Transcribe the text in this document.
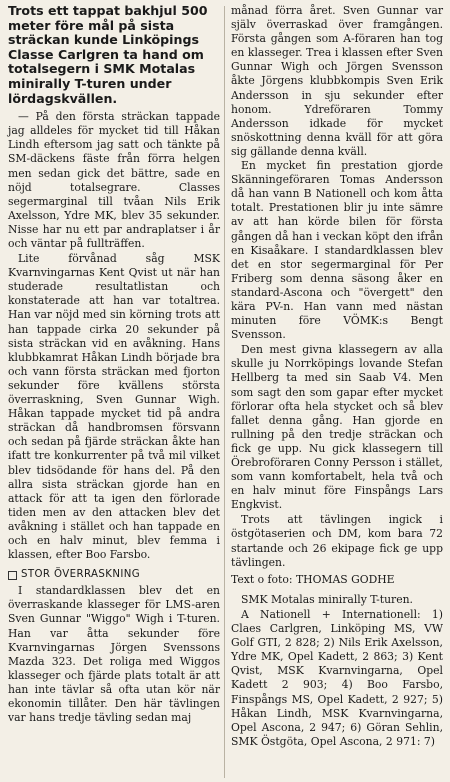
Trots ett tappat bakhjul 500 meter före mål på sista sträckan kunde Linköpings Classe Carlgren ta hand om totalsegern i SMK Motalas minirally T-turen under lördagskvällen.

— På den första sträckan tappade jag alldeles för mycket tid till Håkan Lindh eftersom jag satt och tänkte på SM-däckens fäste från förra helgen men sedan gick det bättre, sade en nöjd totalsegrare. Classes segermarginal till tvåan Nils Erik Axelsson, Ydre MK, blev 35 sekunder. Nisse har nu ett par andraplatser i år och väntar på fullträffen.

Lite förvånad såg MSK Kvarnvingarnas Kent Qvist ut när han studerade resultatlistan och konstaterade att han var totaltrea. Han var nöjd med sin körning trots att han tappade cirka 20 sekunder på sista sträckan vid en avåkning. Hans klubbkamrat Håkan Lindh började bra och vann första sträckan med fjorton sekunder före kvällens största överraskning, Sven Gunnar Wigh. Håkan tappade mycket tid på andra sträckan då handbromsen försvann och sedan på fjärde sträckan åkte han ifatt tre konkurrenter på två mil vilket blev tidsödande för hans del. På den allra sista sträckan gjorde han en attack för att ta igen den förlorade tiden men av den attacken blev det avåkning i stället och han tappade en och en halv minut, blev femma i klassen, efter Boo Farsbo.

STOR ÖVERRASKNING

I standardklassen blev det en överraskande klasseger för LMS-aren Sven Gunnar "Wiggo" Wigh i T-turen. Han var åtta sekunder före Kvarnvingarnas Jörgen Svenssons Mazda 323. Det roliga med Wiggos klasseger och fjärde plats totalt är att han inte tävlar så ofta utan kör när ekonomin tillåter. Den här tävlingen var hans tredje tävling sedan maj

månad förra året. Sven Gunnar var själv överraskad över framgången. Första gången som A-föraren han tog en klasseger. Trea i klassen efter Sven Gunnar Wigh och Jörgen Svensson åkte Jörgens klubbkompis Sven Erik Andersson in sju sekunder efter honom. Ydreföraren Tommy Andersson idkade för mycket snöskottning denna kväll för att göra sig gällande denna kväll.

En mycket fin prestation gjorde Skänningeföraren Tomas Andersson då han vann B Nationell och kom åtta totalt. Prestationen blir ju inte sämre av att han körde bilen för första gången då han i veckan köpt den ifrån en Kisaåkare. I standardklassen blev det en stor segermarginal för Per Friberg som denna säsong åker en standard-Ascona och "övergett" den kära PV-n. Han vann med nästan minuten före VÖMK:s Bengt Svensson.

Den mest givna klassegern av alla skulle ju Norrköpings lovande Stefan Hellberg ta med sin Saab V4. Men som sagt den som gapar efter mycket förlorar ofta hela stycket och så blev fallet denna gång. Han gjorde en rullning på den tredje sträckan och fick ge upp. Nu gick klassegern till Örebroföraren Conny Persson i stället, som vann komfortabelt, hela två och en halv minut före Finspångs Lars Engkvist.

Trots att tävlingen ingick i östgötaserien och DM, kom bara 72 startande och 26 ekipage fick ge upp tävlingen.

Text o foto: THOMAS GODHE

SMK Motalas minirally T-turen.

A Nationell + Internationell: 1) Claes Carlgren, Linköping MS, VW Golf GTI, 2 828; 2) Nils Erik Axelsson, Ydre MK, Opel Kadett, 2 863; 3) Kent Qvist, MSK Kvarnvingarna, Opel Kadett 2 903; 4) Boo Farsbo, Finspångs MS, Opel Kadett, 2 927; 5) Håkan Lindh, MSK Kvarnvingarna, Opel Ascona, 2 947; 6) Göran Sehlin, SMK Östgöta, Opel Ascona, 2 971: 7)
